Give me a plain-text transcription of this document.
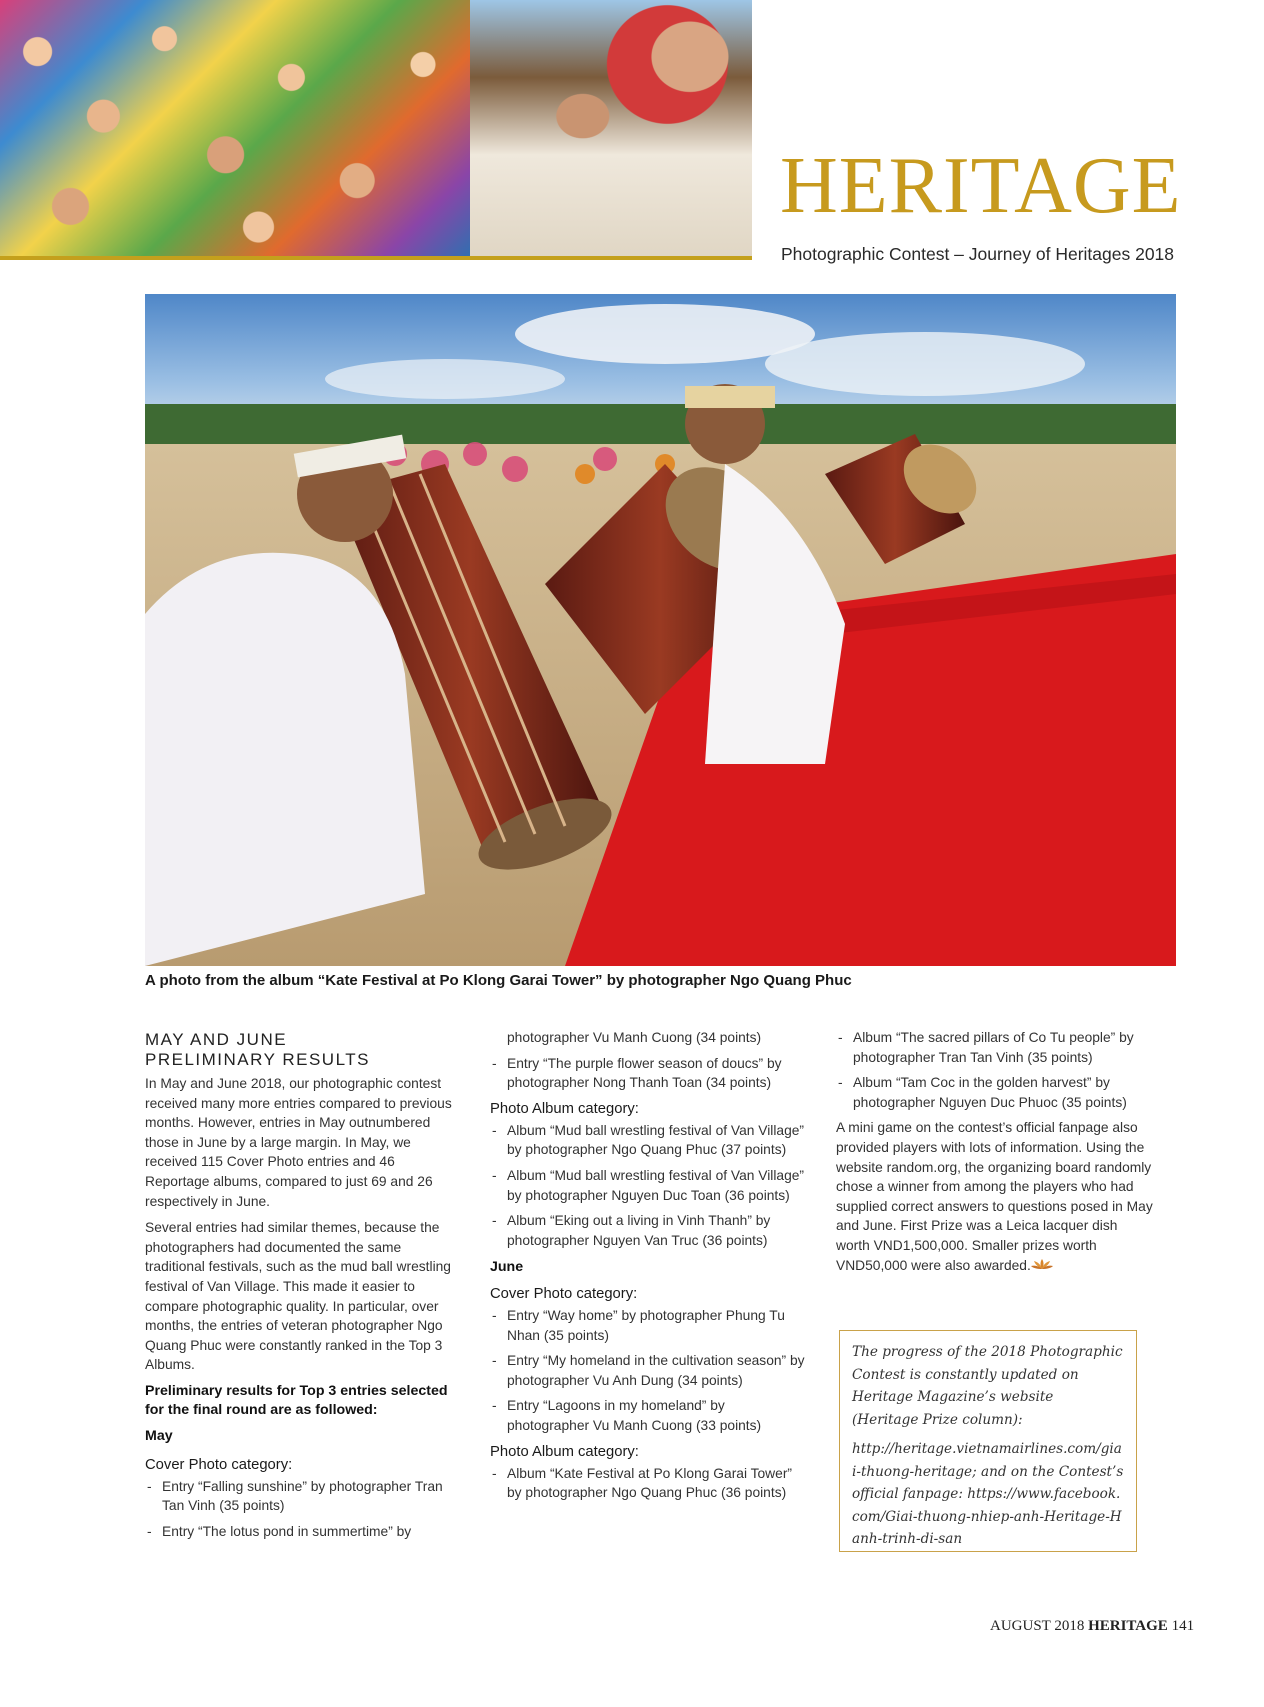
HERITAGE
Photographic Contest – Journey of Heritages 2018
A photo from the album “Kate Festival at Po Klong Garai Tower” by photographer Ngo Quang Phuc
MAY AND JUNE
PRELIMINARY RESULTS

In May and June 2018, our photographic contest received many more entries compared to previous months. However, entries in May outnumbered those in June by a large margin. In May, we received 115 Cover Photo entries and 46 Reportage albums, compared to just 69 and 26 respectively in June.

Several entries had similar themes, because the photographers had documented the same traditional festivals, such as the mud ball wrestling festival of Van Village. This made it easier to compare photographic quality. In particular, over months, the entries of veteran photographer Ngo Quang Phuc were constantly ranked in the Top 3 Albums.

Preliminary results for Top 3 entries selected for the final round are as followed:

May
Cover Photo category:
- Entry “Falling sunshine” by photographer Tran Tan Vinh (35 points)
- Entry “The lotus pond in summertime” by
photographer Vu Manh Cuong (34 points)
- Entry “The purple flower season of doucs” by photographer Nong Thanh Toan (34 points)
Photo Album category:
- Album “Mud ball wrestling festival of Van Village” by photographer Ngo Quang Phuc (37 points)
- Album “Mud ball wrestling festival of Van Village” by photographer Nguyen Duc Toan (36 points)
- Album “Eking out a living in Vinh Thanh” by photographer Nguyen Van Truc (36 points)
June
Cover Photo category:
- Entry “Way home” by photographer Phung Tu Nhan (35 points)
- Entry “My homeland in the cultivation season” by photographer Vu Anh Dung (34 points)
- Entry “Lagoons in my homeland” by photographer Vu Manh Cuong (33 points)
Photo Album category:
- Album “Kate Festival at Po Klong Garai Tower” by photographer Ngo Quang Phuc (36 points)
- Album “The sacred pillars of Co Tu people” by photographer Tran Tan Vinh (35 points)
- Album “Tam Coc in the golden harvest” by photographer Nguyen Duc Phuoc (35 points)

A mini game on the contest’s official fanpage also provided players with lots of information. Using the website random.org, the organizing board randomly chose a winner from among the players who had supplied correct answers to questions posed in May and June. First Prize was a Leica lacquer dish worth VND1,500,000. Smaller prizes worth VND50,000 were also awarded.

The progress of the 2018 Photographic Contest is constantly updated on Heritage Magazine’s website (Heritage Prize column):

http://heritage.vietnamairlines.com/giai-thuong-heritage; and on the Contest’s official fanpage: https://www.facebook.com/Giai-thuong-nhiep-anh-Heritage-Hanh-trinh-di-san

AUGUST 2018 HERITAGE 141
